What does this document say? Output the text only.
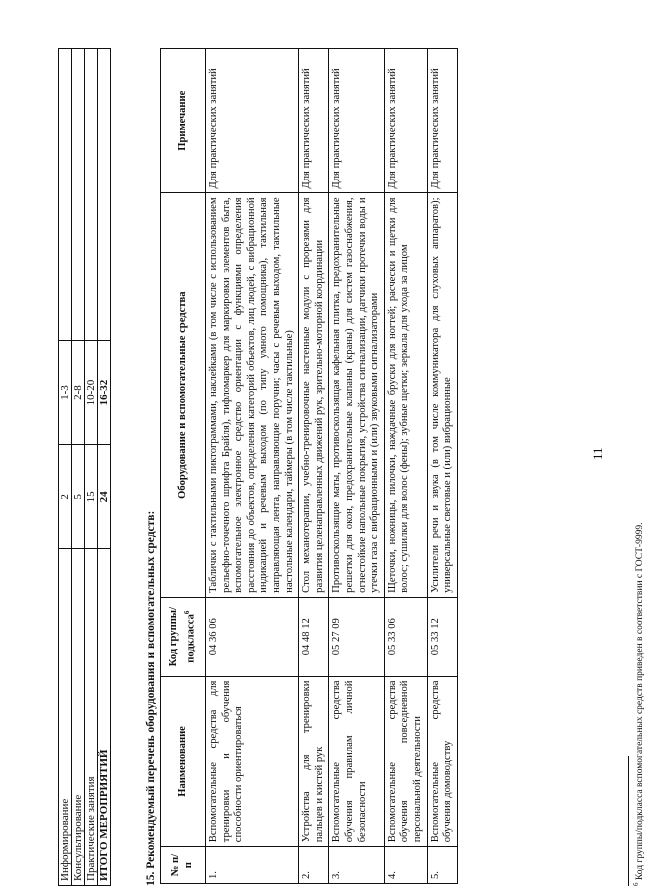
11
Информирование	2	1-3	
Консультирование	5	2-8	
Практические занятия	15	10-20	
ИТОГО МЕРОПРИЯТИЙ	24	16-32	
15. Рекомендуемый перечень оборудования и вспомогательных средств: № п/п	Наименование	Код группы/ подкласса$^6$	Оборудование и вспомогательные средства	Примечание
1.	Вспомогательные средства для тренировки и обучения способности ориентироваться	04 36 06	Таблички с тактильными пиктограммами, наклейками (в том числе с использованием рельефно-точечного шрифта Брайля), тифломаркер для маркировки элементов быта, вспомогательное электронное средство ориентации с функциями определения расстояния до объектов, определения категорий объектов, лиц людей, с вибрационной индикацией и речевым выходом (по типу умного помощника), тактильная направляющая лента, направляющие поручни; часы с речевым выходом, тактильные настольные календари, таймеры (в том числе тактильные)	Для практических занятий
2.	Устройства для тренировки пальцев и кистей рук	04 48 12	Стол механотерапии, учебно-тренировочные настенные модули с прорезями для развития целенаправленных движений рук, зрительно-моторной координации	Для практических занятий
3.	Вспомогательные средства обучения правилам личной безопасности	05 27 09	Противоскользящие маты, противоскользящая кафельная плитка, предохранительные решетки для окон, предохранительные клапаны (краны) для систем газоснабжения, огнестойкие напольные покрытия, устройства сигнализации, датчики протечки воды и утечки газа с вибрационными и (или) звуковыми сигнализаторами	Для практических занятий
4.	Вспомогательные средства обучения повседневной персональной деятельности	05 33 06	Щеточки, ножницы, пилочки, наждачные бруски для ногтей; расчески и щетки для волос; сушилки для волос (фены); зубные щетки; зеркала для ухода за лицом	Для практических занятий
5.	Вспомогательные средства обучения домоводству	05 33 12	Усилители речи и звука (в том числе коммуникатора для слуховых аппаратов); универсальные световые и (или) вибрационные	Для практических занятий
$^6$ Код группы/подкласса вспомогательных средств приведен в соответствии с ГОСТ-9999.
